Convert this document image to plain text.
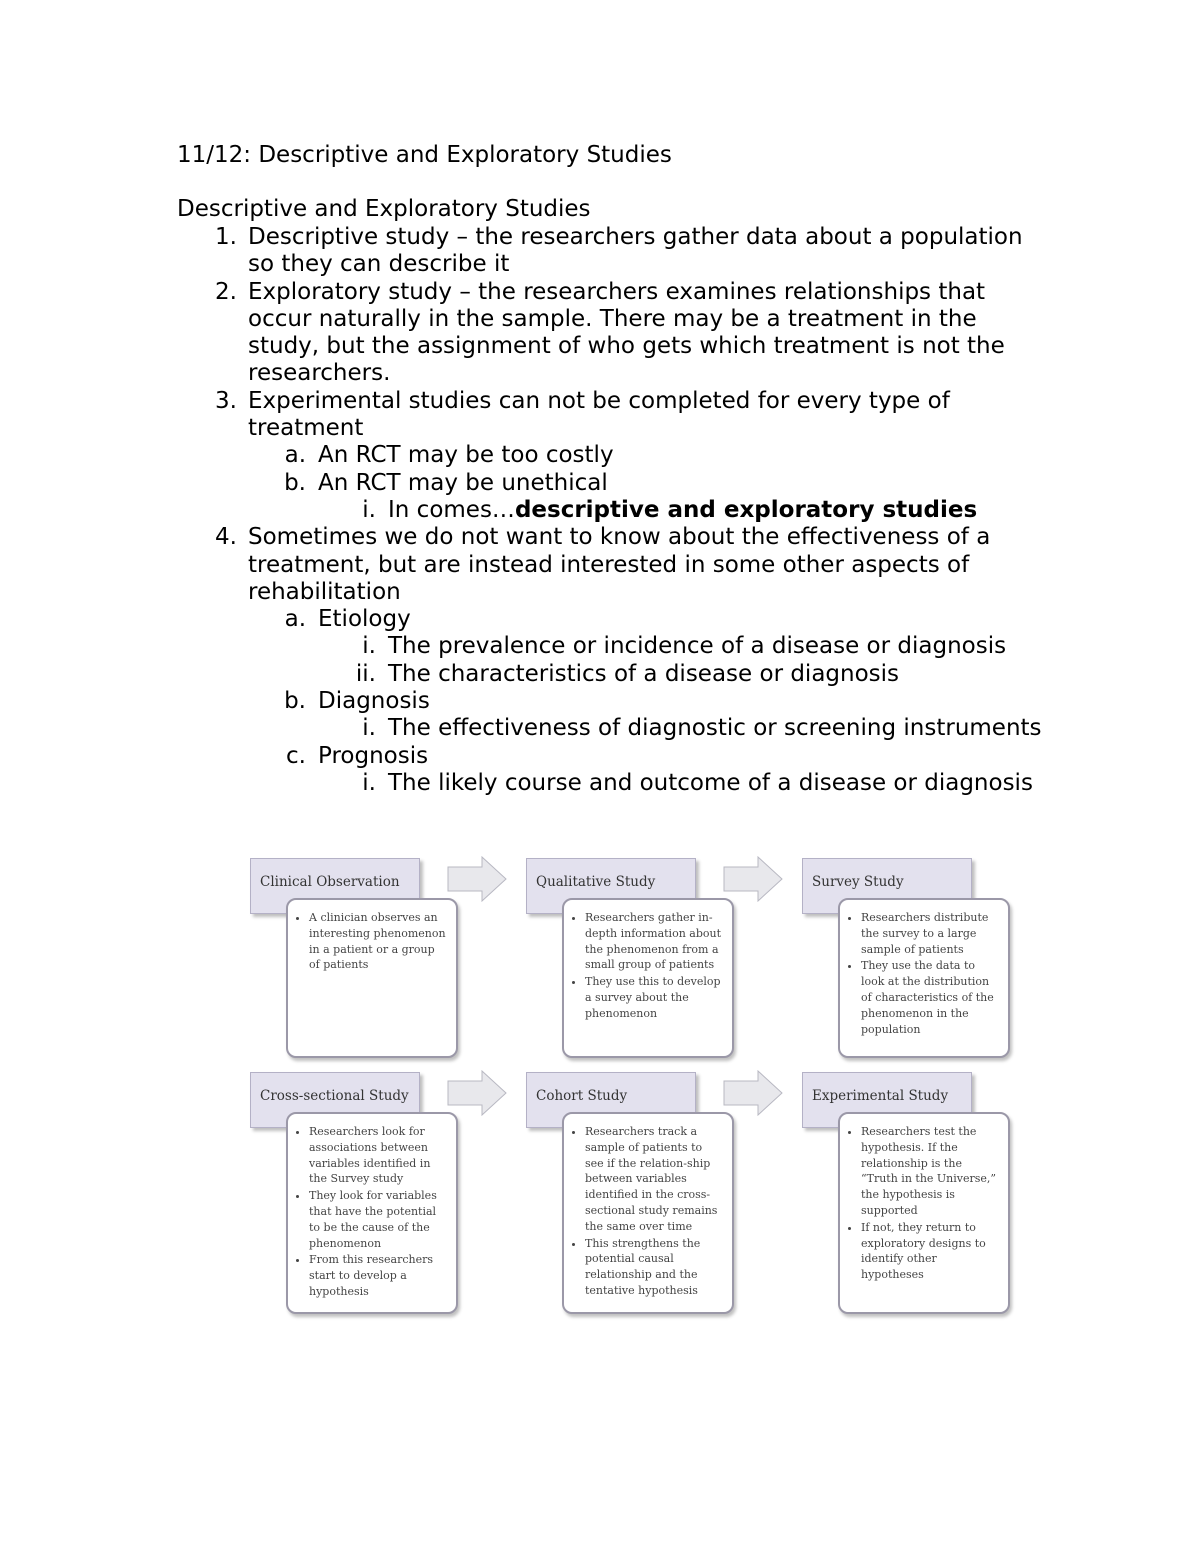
11/12: Descriptive and Exploratory Studies
Descriptive and Exploratory Studies
1. Descriptive study – the researchers gather data about a population so they can describe it
2. Exploratory study – the researchers examines relationships that occur naturally in the sample. There may be a treatment in the study, but the assignment of who gets which treatment is not the researchers.
3. Experimental studies can not be completed for every type of treatment
a. An RCT may be too costly
b. An RCT may be unethical
i. In comes…descriptive and exploratory studies
4. Sometimes we do not want to know about the effectiveness of a treatment, but are instead interested in some other aspects of rehabilitation
a. Etiology
i. The prevalence or incidence of a disease or diagnosis
ii. The characteristics of a disease or diagnosis
b. Diagnosis
i. The effectiveness of diagnostic or screening instruments
c. Prognosis
i. The likely course and outcome of a disease or diagnosis
Clinical Observation
• A clinician observes an interesting phenomenon in a patient or a group of patients
Qualitative Study
• Researchers gather in-depth information about the phenomenon from a small group of patients
• They use this to develop a survey about the phenomenon
Survey Study
• Researchers distribute the survey to a large sample of patients
• They use the data to look at the distribution of characteristics of the phenomenon in the population
Cross-sectional Study
• Researchers look for associations between variables identified in the Survey study
• They look for variables that have the potential to be the cause of the phenomenon
• From this researchers start to develop a hypothesis
Cohort Study
• Researchers track a sample of patients to see if the relation-ship between variables identified in the cross-sectional study remains the same over time
• This strengthens the potential causal relationship and the tentative hypothesis
Experimental Study
• Researchers test the hypothesis. If the relationship is the “Truth in the Universe,” the hypothesis is supported
• If not, they return to exploratory designs to identify other hypotheses
